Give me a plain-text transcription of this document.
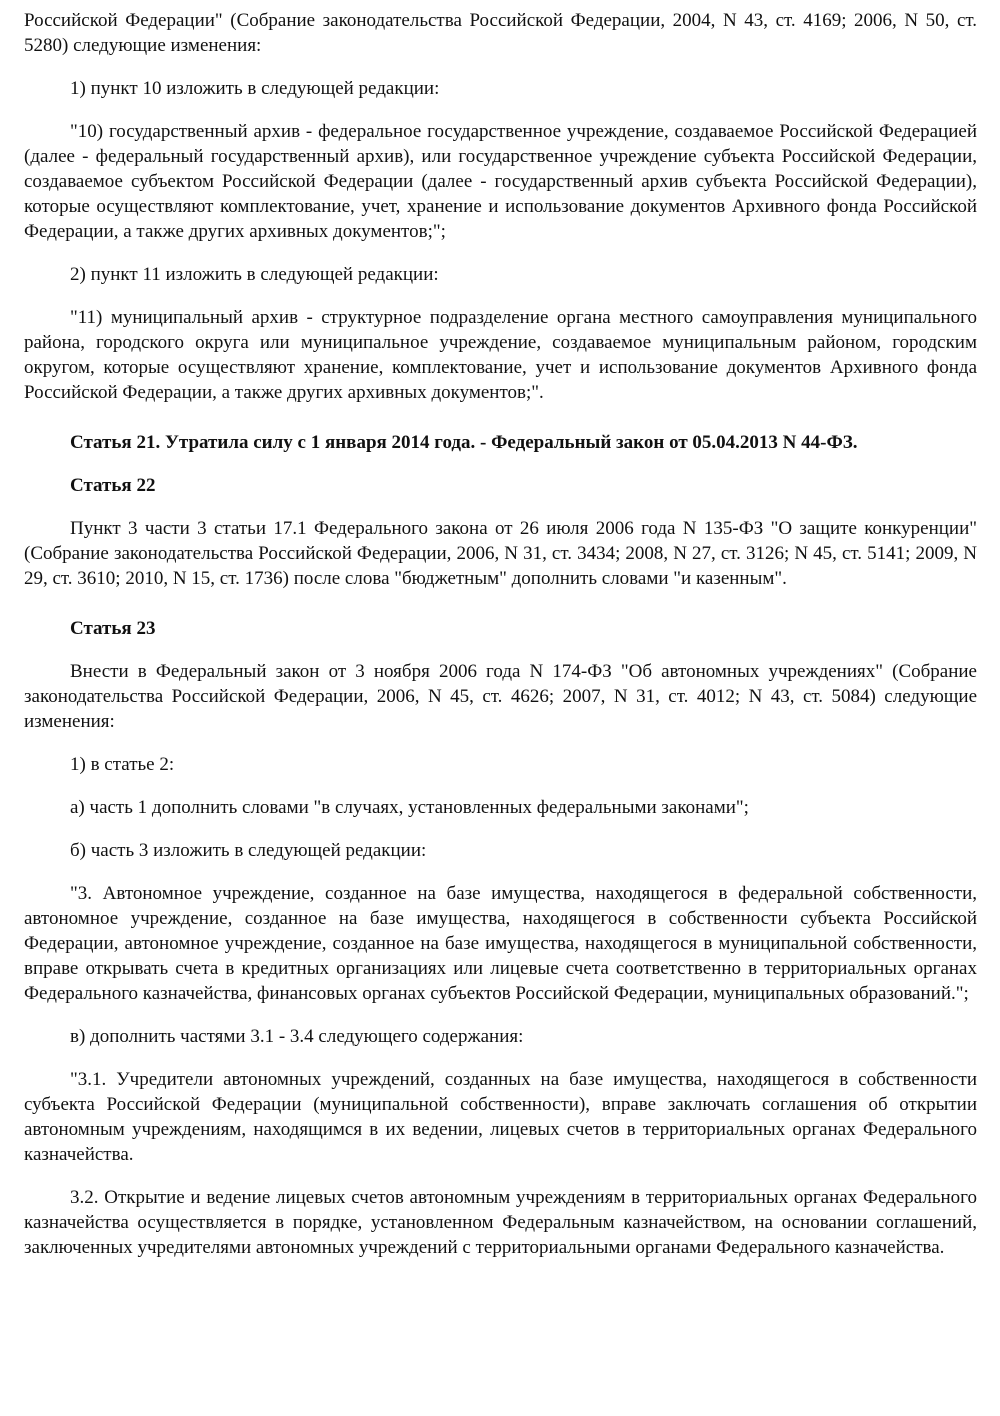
Российской Федерации" (Собрание законодательства Российской Федерации, 2004, N 43, ст. 4169; 2006, N 50, ст. 5280) следующие изменения:

1) пункт 10 изложить в следующей редакции:

"10) государственный архив - федеральное государственное учреждение, создаваемое Российской Федерацией (далее - федеральный государственный архив), или государственное учреждение субъекта Российской Федерации, создаваемое субъектом Российской Федерации (далее - государственный архив субъекта Российской Федерации), которые осуществляют комплектование, учет, хранение и использование документов Архивного фонда Российской Федерации, а также других архивных документов;";

2) пункт 11 изложить в следующей редакции:

"11) муниципальный архив - структурное подразделение органа местного самоуправления муниципального района, городского округа или муниципальное учреждение, создаваемое муниципальным районом, городским округом, которые осуществляют хранение, комплектование, учет и использование документов Архивного фонда Российской Федерации, а также других архивных документов;".

Статья 21. Утратила силу с 1 января 2014 года. - Федеральный закон от 05.04.2013 N 44-ФЗ.

Статья 22

Пункт 3 части 3 статьи 17.1 Федерального закона от 26 июля 2006 года N 135-ФЗ "О защите конкуренции" (Собрание законодательства Российской Федерации, 2006, N 31, ст. 3434; 2008, N 27, ст. 3126; N 45, ст. 5141; 2009, N 29, ст. 3610; 2010, N 15, ст. 1736) после слова "бюджетным" дополнить словами "и казенным".

Статья 23

Внести в Федеральный закон от 3 ноября 2006 года N 174-ФЗ "Об автономных учреждениях" (Собрание законодательства Российской Федерации, 2006, N 45, ст. 4626; 2007, N 31, ст. 4012; N 43, ст. 5084) следующие изменения:

1) в статье 2:

а) часть 1 дополнить словами "в случаях, установленных федеральными законами";

б) часть 3 изложить в следующей редакции:

"3. Автономное учреждение, созданное на базе имущества, находящегося в федеральной собственности, автономное учреждение, созданное на базе имущества, находящегося в собственности субъекта Российской Федерации, автономное учреждение, созданное на базе имущества, находящегося в муниципальной собственности, вправе открывать счета в кредитных организациях или лицевые счета соответственно в территориальных органах Федерального казначейства, финансовых органах субъектов Российской Федерации, муниципальных образований.";

в) дополнить частями 3.1 - 3.4 следующего содержания:

"3.1. Учредители автономных учреждений, созданных на базе имущества, находящегося в собственности субъекта Российской Федерации (муниципальной собственности), вправе заключать соглашения об открытии автономным учреждениям, находящимся в их ведении, лицевых счетов в территориальных органах Федерального казначейства.

3.2. Открытие и ведение лицевых счетов автономным учреждениям в территориальных органах Федерального казначейства осуществляется в порядке, установленном Федеральным казначейством, на основании соглашений, заключенных учредителями автономных учреждений с территориальными органами Федерального казначейства.
